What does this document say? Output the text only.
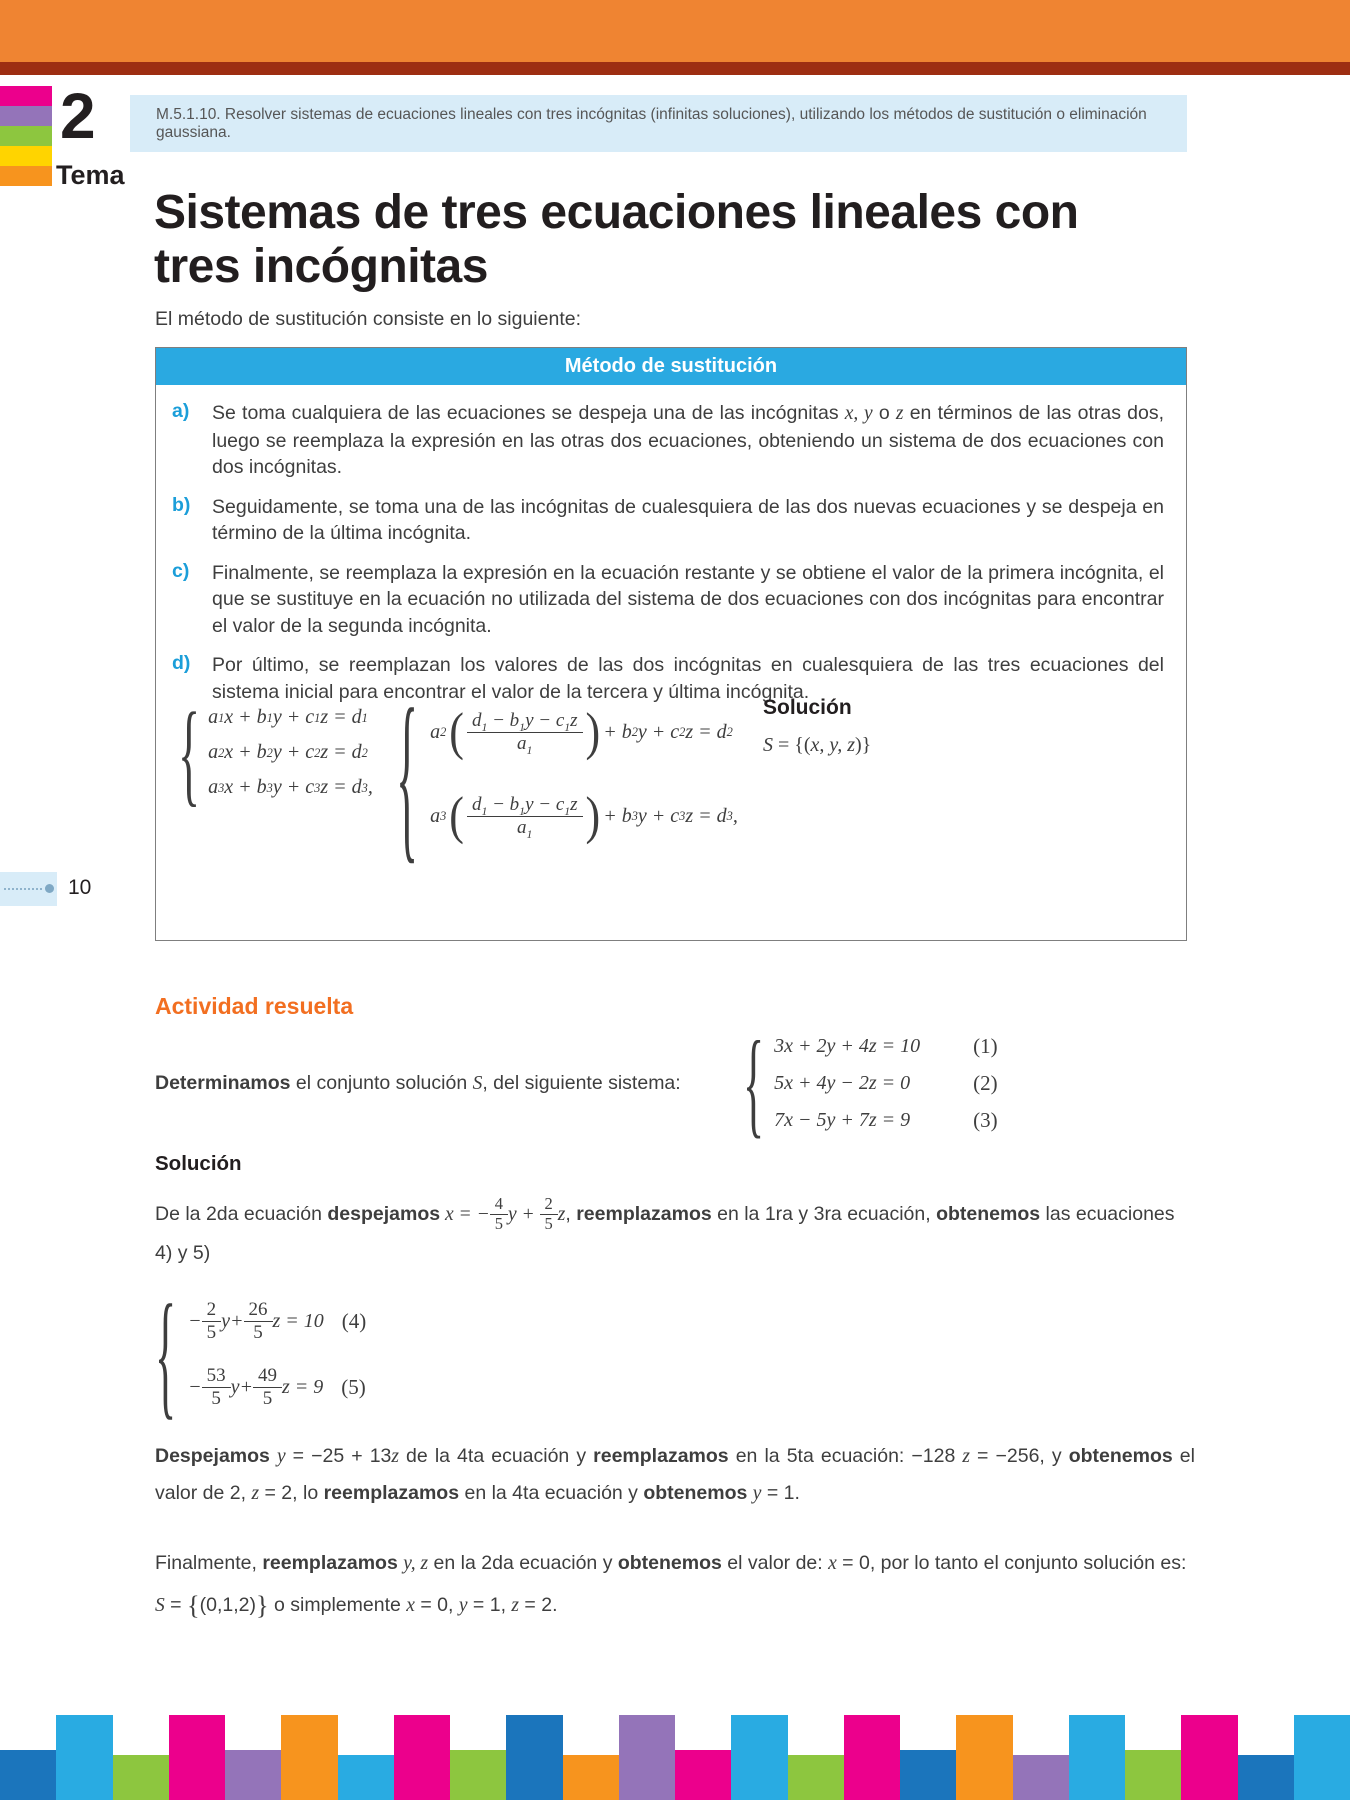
2
Tema
M.5.1.10. Resolver sistemas de ecuaciones lineales con tres incógnitas (infinitas soluciones), utilizando los métodos de sustitución o eliminación gaussiana.
Sistemas de tres ecuaciones lineales con tres incógnitas

El método de sustitución consiste en lo siguiente:

Método de sustitución
a)	Se toma cualquiera de las ecuaciones se despeja una de las incógnitas x, y o z en términos de las otras dos, luego se reemplaza la expresión en las otras dos ecuaciones, obteniendo un sistema de dos ecuaciones con dos incógnitas.

b)	Seguidamente, se toma una de las incógnitas de cualesquiera de las dos nuevas ecuaciones y se despeja en término de la última incógnita.

c)	Finalmente, se reemplaza la expresión en la ecuación restante y se obtiene el valor de la primera incógnita, el que se sustituye en la ecuación no utilizada del sistema de dos ecuaciones con dos incógnitas para encontrar el valor de la segunda incógnita.

d)	Por último, se reemplazan los valores de las dos incógnitas en cualesquiera de las tres ecuaciones del sistema inicial para encontrar el valor de la tercera y última incógnita.

{ a 1 x + b 1 y + c 1 z = d 1
a 2 x + b 2 y + c 2 z = d 2
a 3 x + b 3 y + c 3 z = d 3 , { a 2 ( $\frac{d_1 - b_1y - c_1z}{a_1}$ ) + b 2 y + c 2 z = d 2
a 3 ( $\frac{d_1 - b_1y - c_1z}{a_1}$ ) + b 3 y + c 3 z = d 3 ,
Solución
S = {(x, y, z)}
10
Actividad resuelta

Determinamos el conjunto solución S, del siguiente sistema:	{ 3x + 2y + 4z = 10	(1)
5x + 4y − 2z = 0	(2)
7x − 5y + 7z = 9	(3)
Solución

De la 2da ecuación despejamos x = − $\frac{4}{5}$ $y + \frac{2}{5} z$, reemplazamos en la 1ra y 3ra ecuación, obtenemos las ecuaciones 4) y 5)

{ − $\frac{2}{5}$ $y + \frac{26}{5}$ z = 10 (4)
− $\frac{53}{5}$ $y + \frac{49}{5}$ z = 9 (5)

Despejamos y = −25 + 13z de la 4ta ecuación y reemplazamos en la 5ta ecuación: −128 z = −256, y obtenemos el valor de 2, z = 2, lo reemplazamos en la 4ta ecuación y obtenemos y = 1.

Finalmente, reemplazamos y, z en la 2da ecuación y obtenemos el valor de: x = 0, por lo tanto el conjunto solución es: S = {(0,1,2)} o simplemente x = 0, y = 1, z = 2.
